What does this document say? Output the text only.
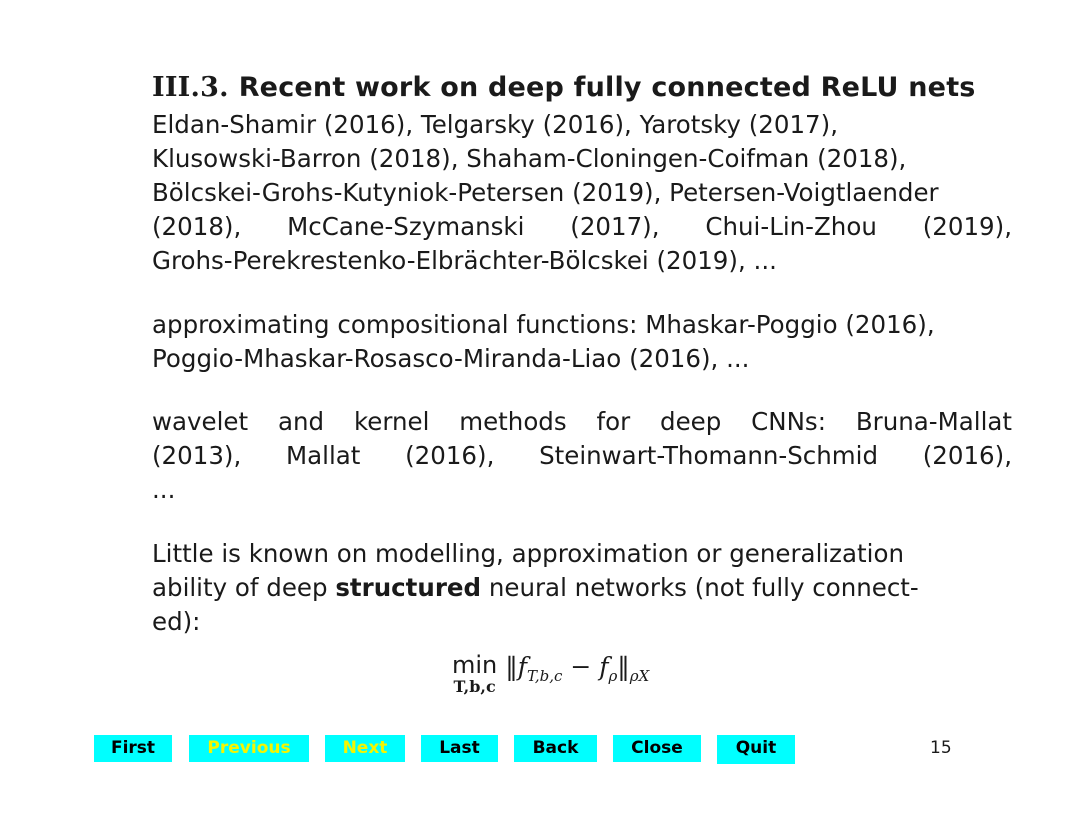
III.3. Recent work on deep fully connected ReLU nets
Eldan-Shamir (2016), Telgarsky (2016), Yarotsky (2017),
Klusowski-Barron (2018), Shaham-Cloningen-Coifman (2018),
Bölcskei-Grohs-Kutyniok-Petersen (2019), Petersen-Voigtlaender
(2018), McCane-Szymanski (2017), Chui-Lin-Zhou (2019),
Grohs-Perekrestenko-Elbrächter-Bölcskei (2019), ...
approximating compositional functions: Mhaskar-Poggio (2016),
Poggio-Mhaskar-Rosasco-Miranda-Liao (2016), ...
wavelet and kernel methods for deep CNNs: Bruna-Mallat
(2013), Mallat (2016), Steinwart-Thomann-Schmid (2016),
...
Little is known on modelling, approximation or generalization
ability of deep structured neural networks (not fully connect-
ed):
min
T,b,c
$‖f_{T,b,c}$ − $f_\rho‖_{\rho X}$
First	Previous	Next	Last	Back	Close	Quit	15
